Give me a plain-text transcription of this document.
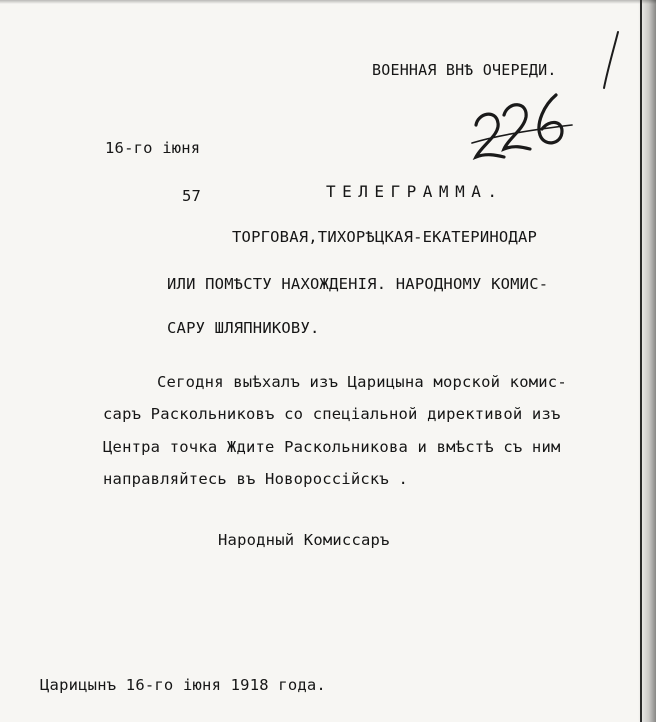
ВОЕННАЯ ВНѢ ОЧЕРЕДИ.
16-го іюня
57	ТЕЛЕГРАММА.
ТОРГОВАЯ,ТИХОРѢЦКАЯ-ЕКАТЕРИНОДАР
ИЛИ ПОМѢСТУ НАХОЖДЕНІЯ. НАРОДНОМУ КОМИС-
САРУ ШЛЯПНИКОВУ.
Сегодня выѣхалъ изъ Царицына морской комис-
саръ Раскольниковъ со спеціальной директивой изъ
Центра точка Ждите Раскольникова и вмѣстѣ съ ним
направляйтесь въ Новороссійскъ .
Народный Комиссаръ
Царицынъ 16-го іюня 1918 года.
